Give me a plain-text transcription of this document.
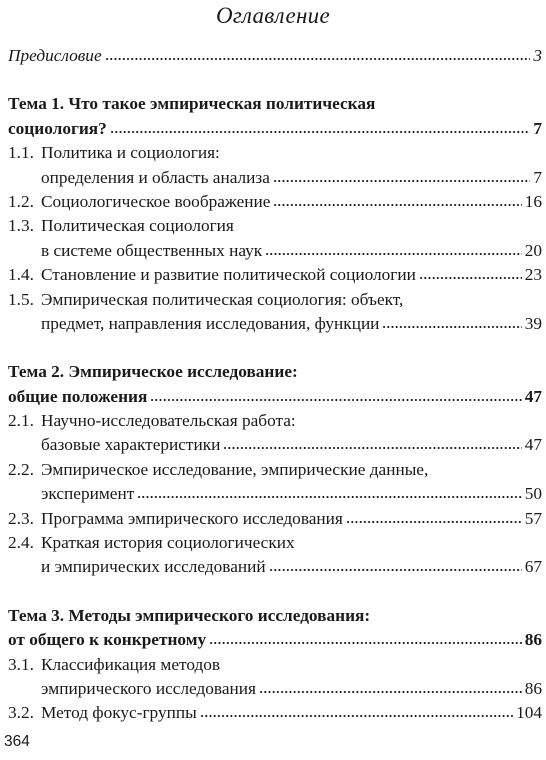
Оглавление
Предисловие	3
Тема 1. Что такое эмпирическая политическая
социология?	7
1.1. Политика и социология:
определения и область анализа	7
1.2. Социологическое воображение	16
1.3. Политическая социология
в системе общественных наук	20
1.4. Становление и развитие политической социологии	23
1.5. Эмпирическая политическая социология: объект,
предмет, направления исследования, функции	39
Тема 2. Эмпирическое исследование:
общие положения	47
2.1. Научно-исследовательская работа:
базовые характеристики	47
2.2. Эмпирическое исследование, эмпирические данные,
эксперимент	50
2.3. Программа эмпирического исследования	57
2.4. Краткая история социологических
и эмпирических исследований	67
Тема 3. Методы эмпирического исследования:
от общего к конкретному	86
3.1. Классификация методов
эмпирического исследования	86
3.2. Метод фокус-группы	104
364
